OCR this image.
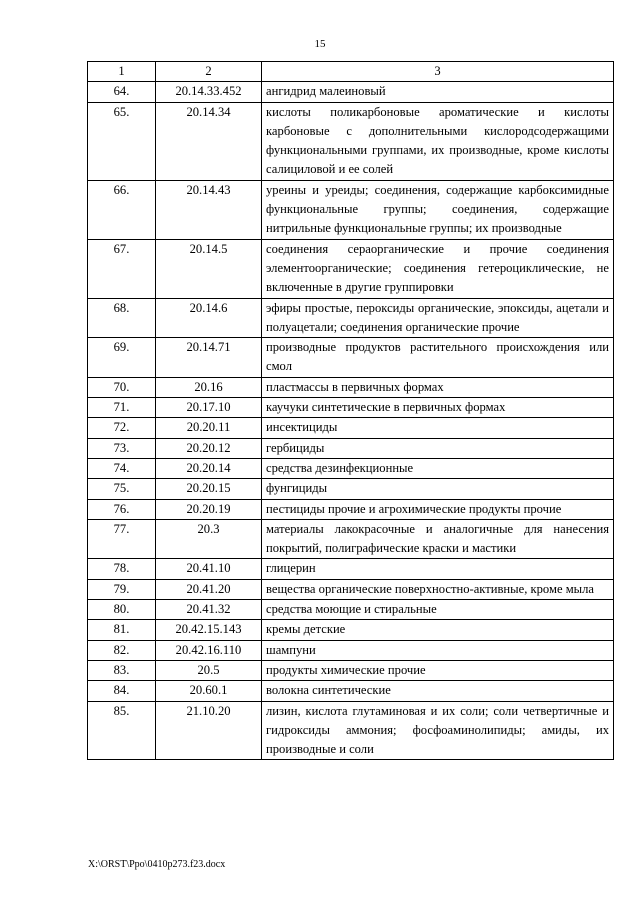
15
1	2	3
64.	20.14.33.452	ангидрид малеиновый
65.	20.14.34	кислоты поликарбоновые ароматические и кислоты карбоновые с дополнительными кислородсодержащими функциональными группами, их производные, кроме кислоты салициловой и ее солей
66.	20.14.43	уреины и уреиды; соединения, содержащие карбоксимидные функциональные группы; соединения, содержащие нитрильные функциональные группы; их производные
67.	20.14.5	соединения сераорганические и прочие соединения элементоорганические; соединения гетероциклические, не включенные в другие группировки
68.	20.14.6	эфиры простые, пероксиды органические, эпоксиды, ацетали и полуацетали; соединения органические прочие
69.	20.14.71	производные продуктов растительного происхождения или смол
70.	20.16	пластмассы в первичных формах
71.	20.17.10	каучуки синтетические в первичных формах
72.	20.20.11	инсектициды
73.	20.20.12	гербициды
74.	20.20.14	средства дезинфекционные
75.	20.20.15	фунгициды
76.	20.20.19	пестициды прочие и агрохимические продукты прочие
77.	20.3	материалы лакокрасочные и аналогичные для нанесения покрытий, полиграфические краски и мастики
78.	20.41.10	глицерин
79.	20.41.20	вещества органические поверхностно-активные, кроме мыла
80.	20.41.32	средства моющие и стиральные
81.	20.42.15.143	кремы детские
82.	20.42.16.110	шампуни
83.	20.5	продукты химические прочие
84.	20.60.1	волокна синтетические
85.	21.10.20	лизин, кислота глутаминовая и их соли; соли четвертичные и гидроксиды аммония; фосфоаминолипиды; амиды, их производные и соли
X:\ORST\Ppo\0410p273.f23.docx
